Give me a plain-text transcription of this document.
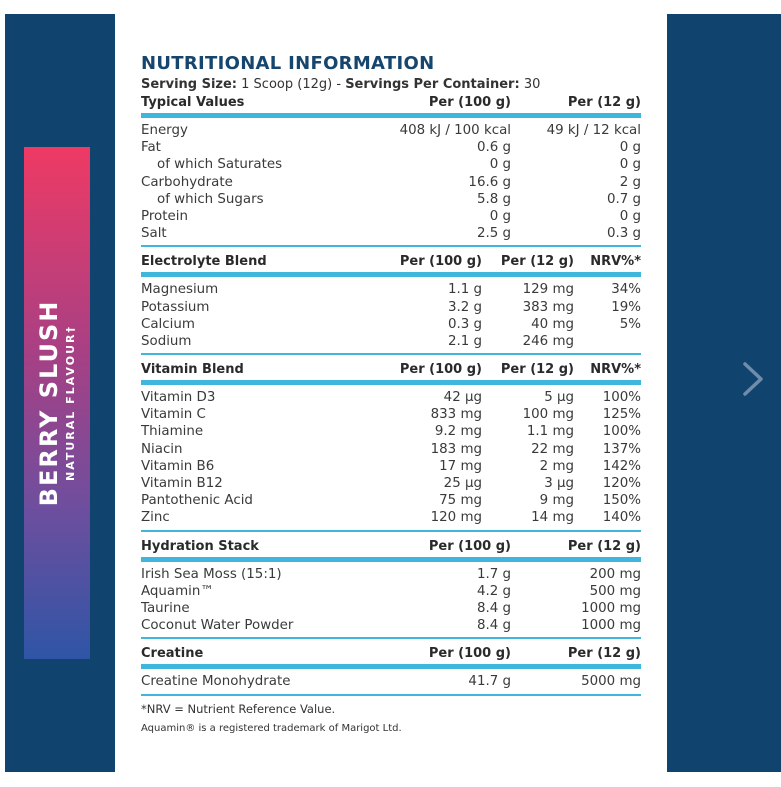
BERRY SLUSH NATURAL FLAVOUR†
NUTRITIONAL INFORMATION
Serving Size: 1 Scoop (12g) - Servings Per Container: 30
Typical Values	Per (100 g)	Per (12 g)
Energy	408 kJ / 100 kcal	49 kJ / 12 kcal
Fat	0.6 g	0 g
of which Saturates	0 g	0 g
Carbohydrate	16.6 g	2 g
of which Sugars	5.8 g	0.7 g
Protein	0 g	0 g
Salt	2.5 g	0.3 g
Electrolyte Blend	Per (100 g)	Per (12 g)	NRV%*
Magnesium	1.1 g	129 mg	34%
Potassium	3.2 g	383 mg	19%
Calcium	0.3 g	40 mg	5%
Sodium	2.1 g	246 mg
Vitamin Blend	Per (100 g)	Per (12 g)	NRV%*
Vitamin D3	42 µg	5 µg	100%
Vitamin C	833 mg	100 mg	125%
Thiamine	9.2 mg	1.1 mg	100%
Niacin	183 mg	22 mg	137%
Vitamin B6	17 mg	2 mg	142%
Vitamin B12	25 µg	3 µg	120%
Pantothenic Acid	75 mg	9 mg	150%
Zinc	120 mg	14 mg	140%
Hydration Stack	Per (100 g)	Per (12 g)
Irish Sea Moss (15:1)	1.7 g	200 mg
Aquamin™	4.2 g	500 mg
Taurine	8.4 g	1000 mg
Coconut Water Powder	8.4 g	1000 mg
Creatine	Per (100 g)	Per (12 g)
Creatine Monohydrate	41.7 g	5000 mg
*NRV = Nutrient Reference Value.
Aquamin® is a registered trademark of Marigot Ltd.
